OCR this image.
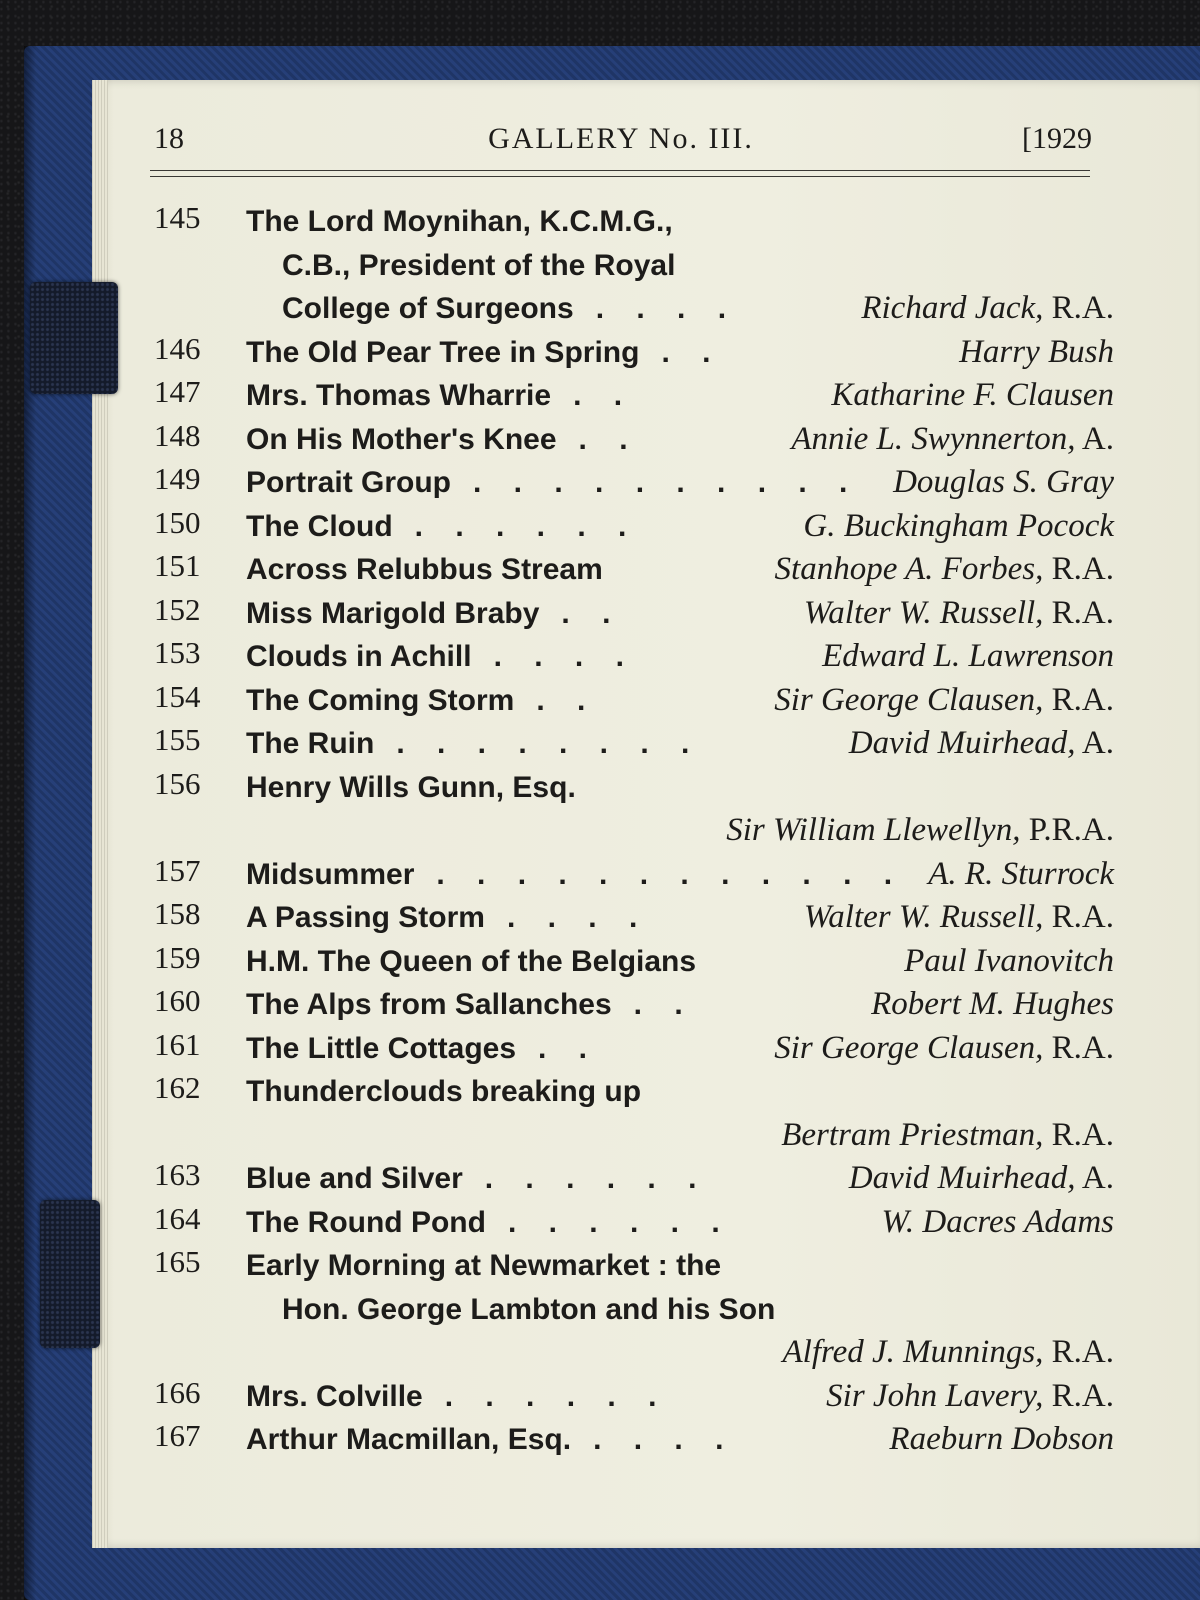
18	GALLERY No. III.	[1929
145 The Lord Moynihan, K.C.M.G.,
C.B., President of the Royal
College of Surgeons . . . .	Richard Jack, R.A.
146 The Old Pear Tree in Spring . .	Harry Bush
147 Mrs. Thomas Wharrie . .	Katharine F. Clausen
148 On His Mother's Knee . .	Annie L. Swynnerton, A.
149 Portrait Group . . . . . . . . . . Douglas S. Gray
150 The Cloud . . . . . .	G. Buckingham Pocock
151 Across Relubbus Stream	Stanhope A. Forbes, R.A.
152 Miss Marigold Braby . .	Walter W. Russell, R.A.
153 Clouds in Achill . . . .	Edward L. Lawrenson
154 The Coming Storm . .	Sir George Clausen, R.A.
155 The Ruin . . . . . . . .	David Muirhead, A.
156 Henry Wills Gunn, Esq.
Sir William Llewellyn, P.R.A.
157 Midsummer . . . . . . . . . . . . A. R. Sturrock
158 A Passing Storm . . . .	Walter W. Russell, R.A.
159 H.M. The Queen of the Belgians	Paul Ivanovitch
160 The Alps from Sallanches . .	Robert M. Hughes
161 The Little Cottages . .	Sir George Clausen, R.A.
162 Thunderclouds breaking up
Bertram Priestman, R.A.
163 Blue and Silver . . . . . .	David Muirhead, A.
164 The Round Pond . . . . . .	W. Dacres Adams
165 Early Morning at Newmarket : the
Hon. George Lambton and his Son
Alfred J. Munnings, R.A.
166 Mrs. Colville . . . . . .	Sir John Lavery, R.A.
167 Arthur Macmillan, Esq. . . . .	Raeburn Dobson
